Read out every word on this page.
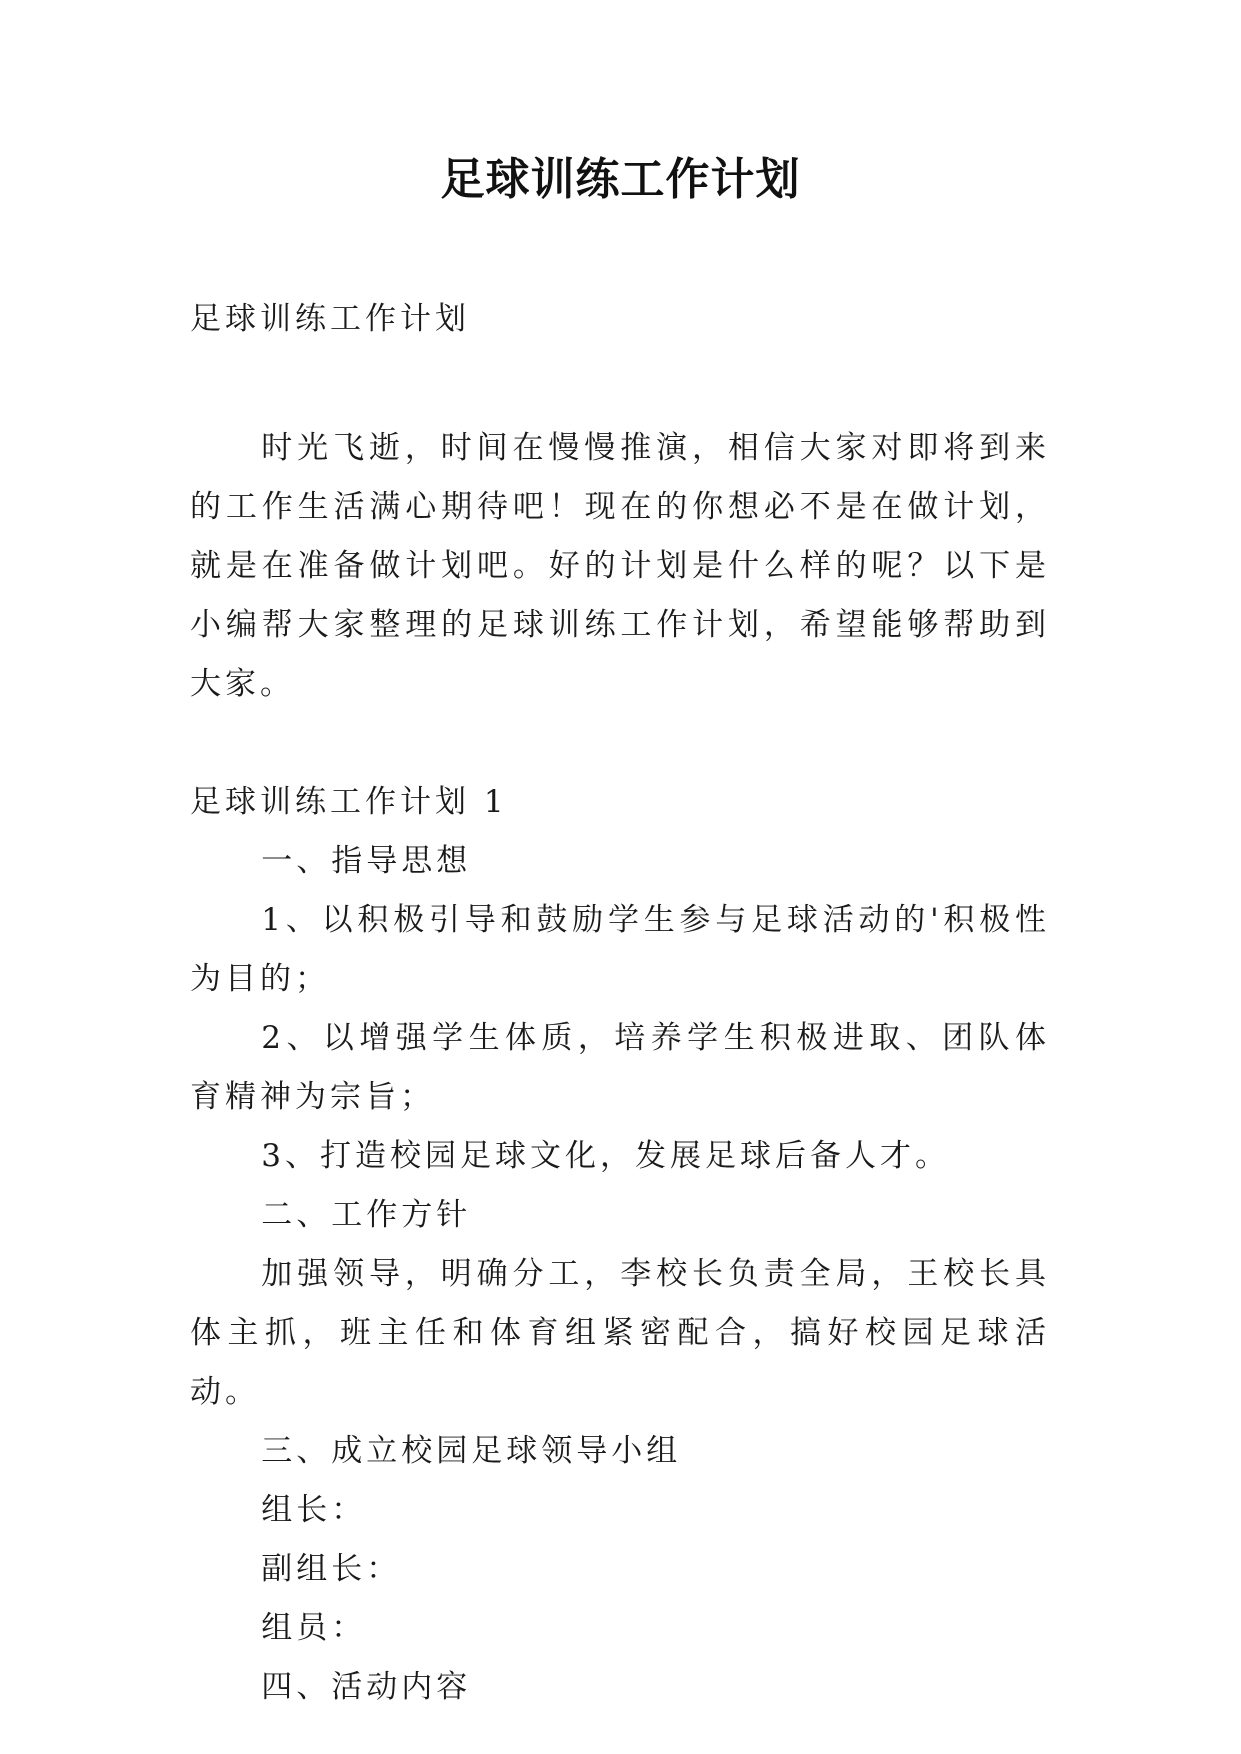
足球训练工作计划

足球训练工作计划

时光飞逝，时间在慢慢推演，相信大家对即将到来的工作生活满心期待吧！现在的你想必不是在做计划，就是在准备做计划吧。好的计划是什么样的呢？以下是小编帮大家整理的足球训练工作计划，希望能够帮助到大家。

足球训练工作计划 1

一、指导思想

1、以积极引导和鼓励学生参与足球活动的'积极性为目的；

2、以增强学生体质，培养学生积极进取、团队体育精神为宗旨；

3、打造校园足球文化，发展足球后备人才。

二、工作方针

加强领导，明确分工，李校长负责全局，王校长具体主抓，班主任和体育组紧密配合，搞好校园足球活动。

三、成立校园足球领导小组

组长：

副组长：

组员：

四、活动内容
